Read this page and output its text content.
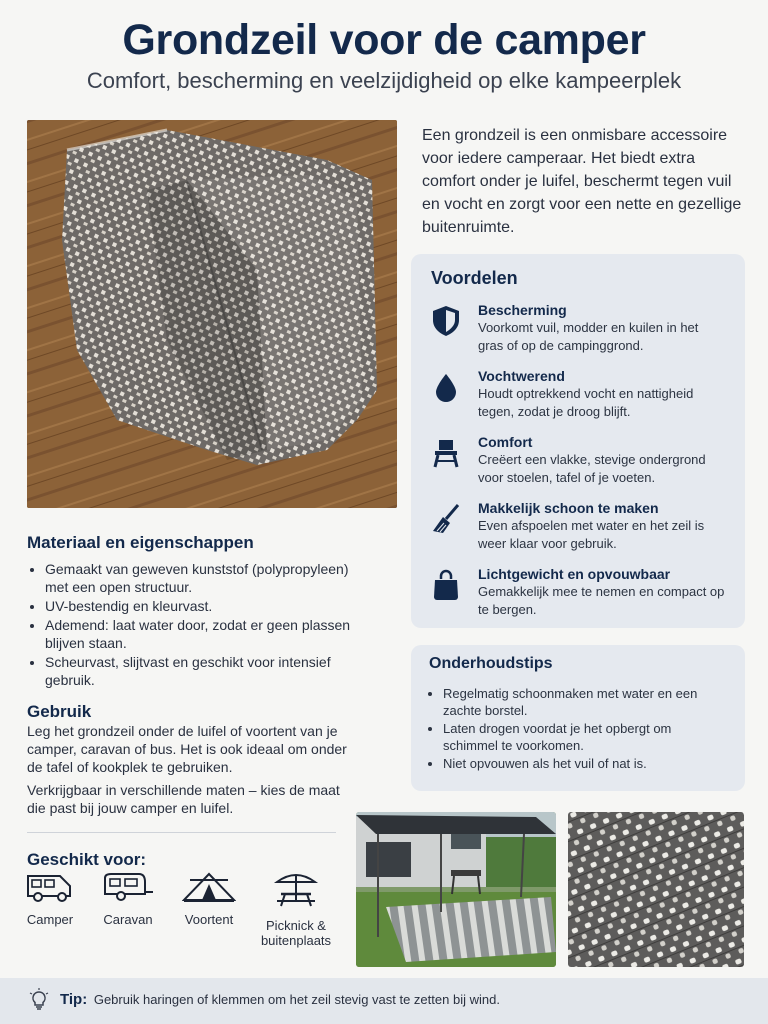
Grondzeil voor de camper
Comfort, bescherming en veelzijdigheid op elke kampeerplek
Een grondzeil is een onmisbare accessoire voor iedere camperaar. Het biedt extra comfort onder je luifel, beschermt tegen vuil en vocht en zorgt voor een nette en gezellige buitenruimte.
Voordelen
Bescherming
Voorkomt vuil, modder en kuilen in het gras of op de campinggrond.
Vochtwerend
Houdt optrekkend vocht en nattigheid tegen, zodat je droog blijft.
Comfort
Creëert een vlakke, stevige ondergrond voor stoelen, tafel of je voeten.
Makkelijk schoon te maken
Even afspoelen met water en het zeil is weer klaar voor gebruik.
Lichtgewicht en opvouwbaar
Gemakkelijk mee te nemen en compact op te bergen.
Materiaal en eigenschappen
• Gemaakt van geweven kunststof (polypropyleen) met een open structuur.
• UV-bestendig en kleurvast.
• Ademend: laat water door, zodat er geen plassen blijven staan.
• Scheurvast, slijtvast en geschikt voor intensief gebruik.
Gebruik
Leg het grondzeil onder de luifel of voortent van je camper, caravan of bus. Het is ook ideaal om onder de tafel of kookplek te gebruiken.
Verkrijgbaar in verschillende maten – kies de maat die past bij jouw camper en luifel.
Onderhoudstips
• Regelmatig schoonmaken met water en een zachte borstel.
• Laten drogen voordat je het opbergt om schimmel te voorkomen.
• Niet opvouwen als het vuil of nat is.
Geschikt voor:
Camper	Caravan	Voortent	Picknick & buitenplaats
Tip: Gebruik haringen of klemmen om het zeil stevig vast te zetten bij wind.
